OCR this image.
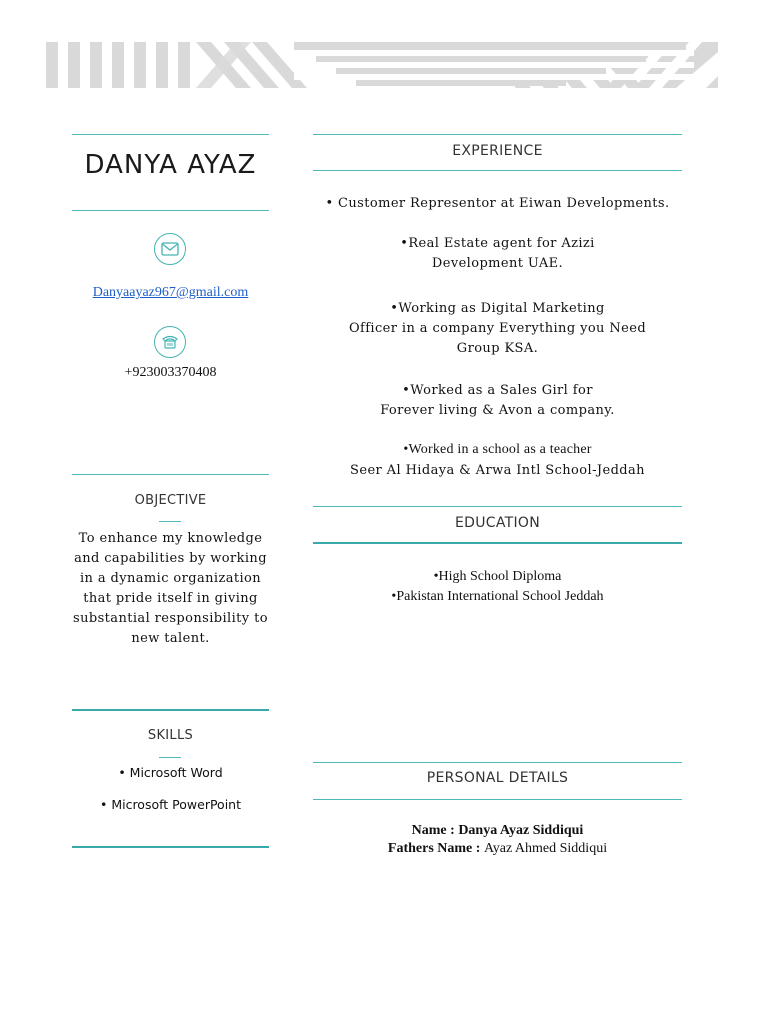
DANYA AYAZ
Danyaayaz967@gmail.com
+923003370408
OBJECTIVE
To enhance my knowledge and capabilities by working in a dynamic organization that pride itself in giving substantial responsibility to new talent.
SKILLS
• Microsoft Word
• Microsoft PowerPoint
EXPERIENCE
• Customer Representor at Eiwan Developments.
•Real Estate agent for Azizi
Development UAE.
•Working as Digital Marketing
Officer in a company Everything you Need
Group KSA.
•Worked as a Sales Girl for
Forever living & Avon a company.
•Worked in a school as a teacher
Seer Al Hidaya & Arwa Intl School-Jeddah
EDUCATION
•High School Diploma
•Pakistan International School Jeddah
PERSONAL DETAILS
Name : Danya Ayaz Siddiqui
Fathers Name : Ayaz Ahmed Siddiqui
